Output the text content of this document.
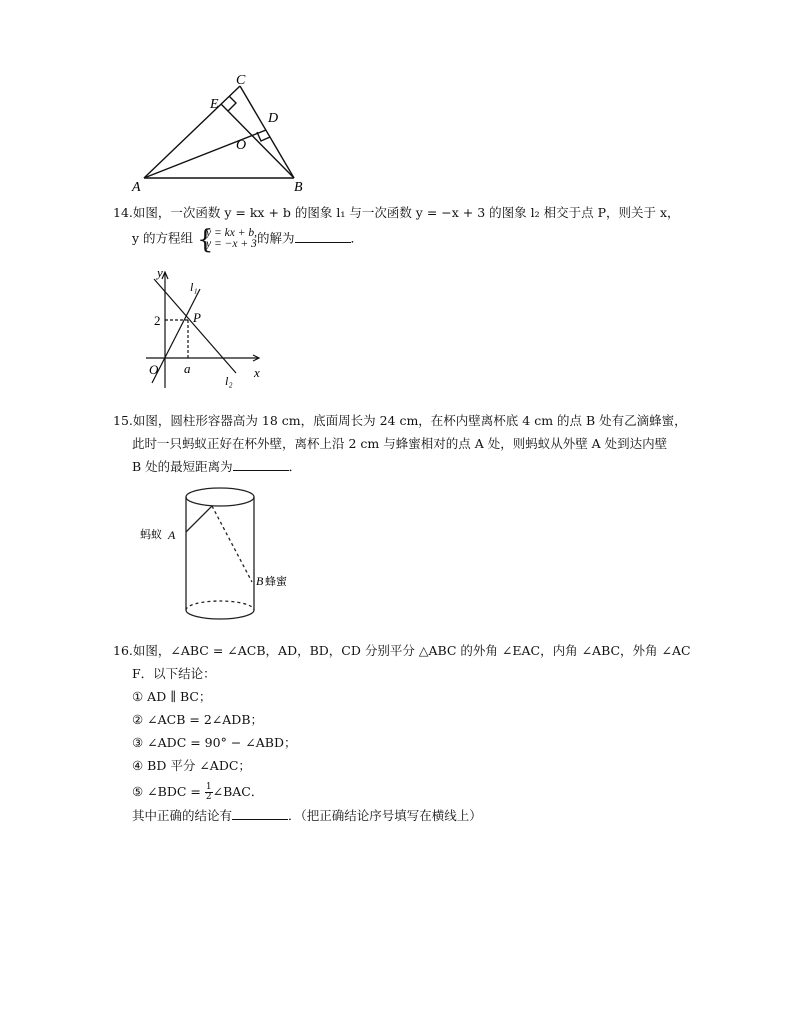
C
E
D
O
A	B
14.如图，一次函数 y = kx + b 的图象 l₁ 与一次函数 y = −x + 3 的图象 l₂ 相交于点 P，则关于 x，
y 的方程组 {
y = kx + b,
y = −x + 3 的解为	．
y
x
l₁
P
2
O a
l₂
15.如图，圆柱形容器高为 18 cm，底面周长为 24 cm，在杯内壁离杯底 4 cm 的点 B 处有乙滴蜂蜜，
此时一只蚂蚁正好在杯外壁，离杯上沿 2 cm 与蜂蜜相对的点 A 处，则蚂蚁从外壁 A 处到达内壁
B 处的最短距离为	．
蚂蚁 A
B 蜂蜜
16.如图，∠ABC = ∠ACB，AD，BD，CD 分别平分 △ABC 的外角 ∠EAC，内角 ∠ABC，外角 ∠AC
F．以下结论：
① AD ∥ BC；
② ∠ACB = 2∠ADB；
③ ∠ADC = 90° − ∠ABD；
④ BD 平分 ∠ADC；
⑤ ∠BDC = $\frac{1}{2}$ ∠BAC．
其中正确的结论有	．（把正确结论序号填写在横线上）
